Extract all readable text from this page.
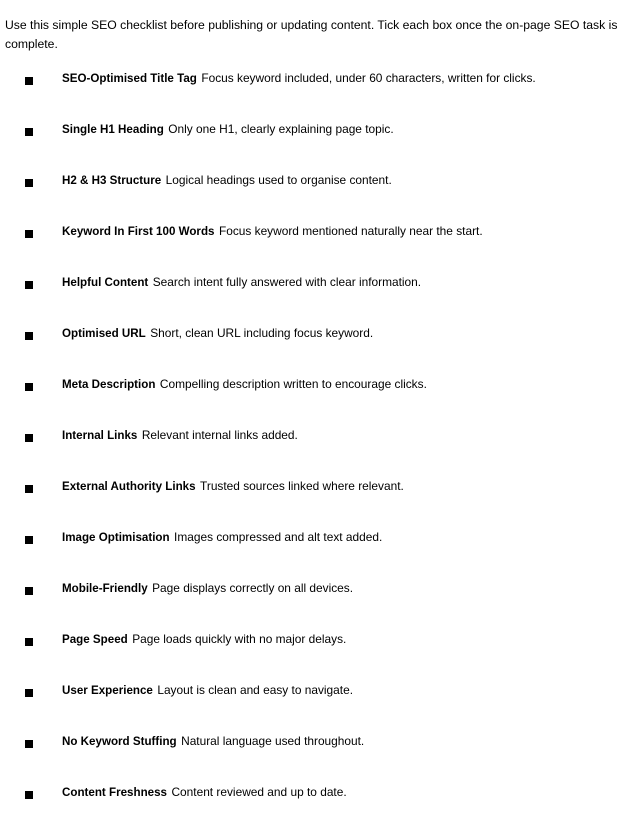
Use this simple SEO checklist before publishing or updating content. Tick each box once the on-page SEO task is complete.

SEO-Optimised Title Tag Focus keyword included, under 60 characters, written for clicks.
Single H1 Heading Only one H1, clearly explaining page topic.
H2 & H3 Structure Logical headings used to organise content.
Keyword In First 100 Words Focus keyword mentioned naturally near the start.
Helpful Content Search intent fully answered with clear information.
Optimised URL Short, clean URL including focus keyword.
Meta Description Compelling description written to encourage clicks.
Internal Links Relevant internal links added.
External Authority Links Trusted sources linked where relevant.
Image Optimisation Images compressed and alt text added.
Mobile-Friendly Page displays correctly on all devices.
Page Speed Page loads quickly with no major delays.
User Experience Layout is clean and easy to navigate.
No Keyword Stuffing Natural language used throughout.
Content Freshness Content reviewed and up to date.
